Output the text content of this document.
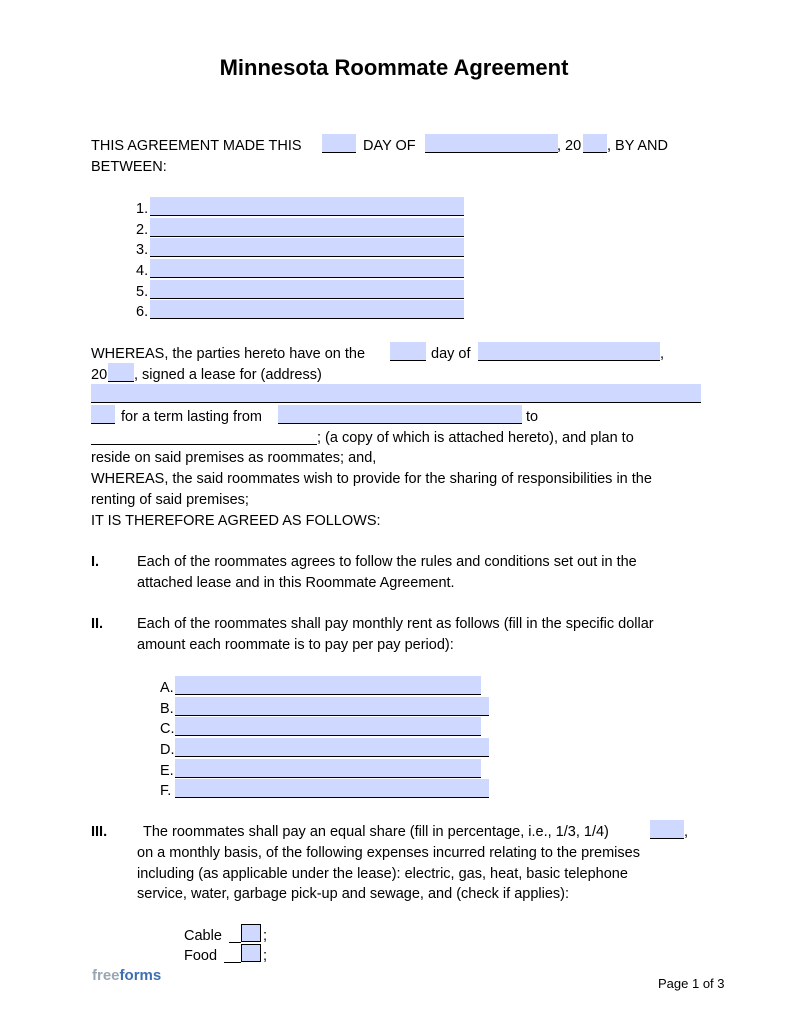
Minnesota Roommate Agreement
THIS AGREEMENT MADE THIS	DAY OF	, 20 , BY AND
BETWEEN:
1.
2.
3.
4.
5.
6.
WHEREAS, the parties hereto have on the	day of	,
20 , signed a lease for (address)
for a term lasting from	to
; (a copy of which is attached hereto), and plan to
reside on said premises as roommates; and,
WHEREAS, the said roommates wish to provide for the sharing of responsibilities in the
renting of said premises;
IT IS THEREFORE AGREED AS FOLLOWS:
I.	Each of the roommates agrees to follow the rules and conditions set out in the
attached lease and in this Roommate Agreement.
II. Each of the roommates shall pay monthly rent as follows (fill in the specific dollar
amount each roommate is to pay per pay period):
A.
B.
C.
D.
E.
F.
III. The roommates shall pay an equal share (fill in percentage, i.e., 1/3, 1/4)	,
on a monthly basis, of the following expenses incurred relating to the premises
including (as applicable under the lease): electric, gas, heat, basic telephone
service, water, garbage pick-up and sewage, and (check if applies):
Cable	;
Food	;
freeforms	Page 1 of 3
